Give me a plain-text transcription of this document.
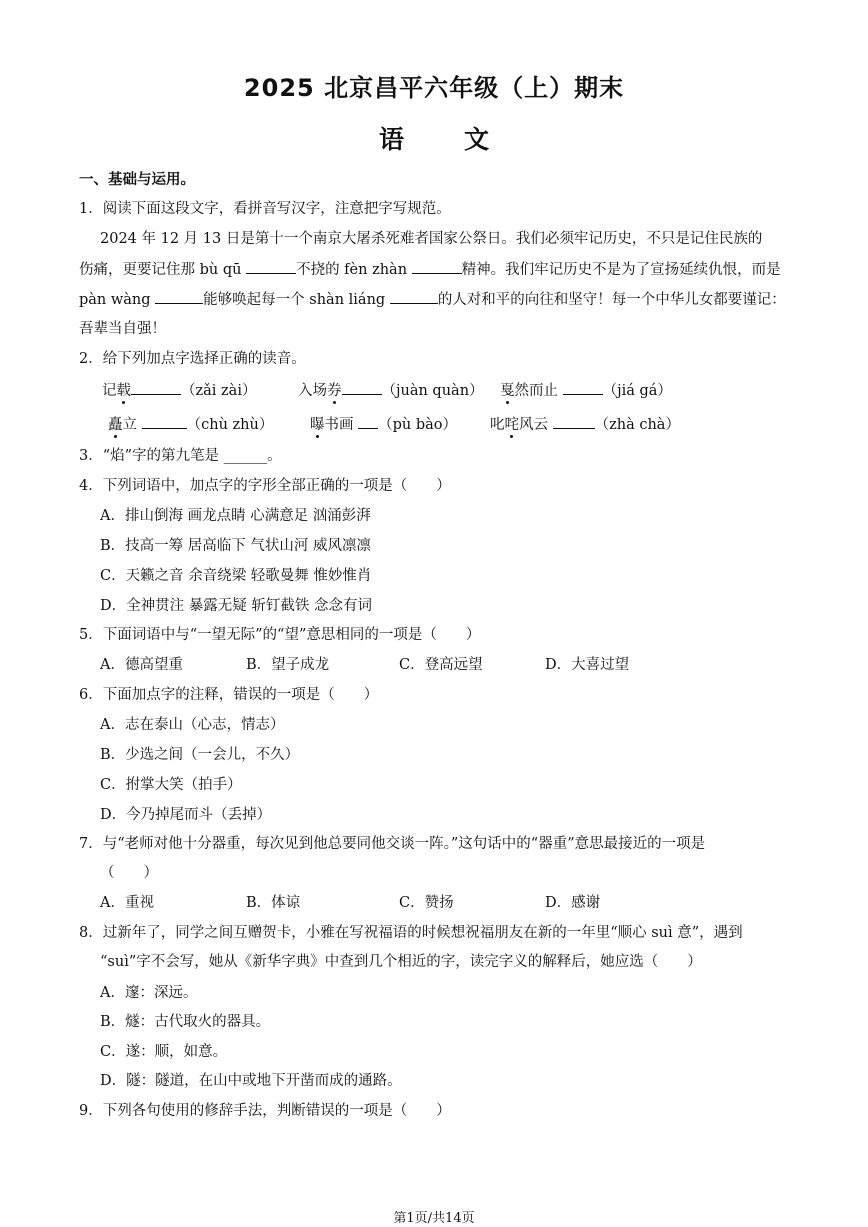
2025 北京昌平六年级（上）期末
语 文
一、基础与运用。
1．阅读下面这段文字，看拼音写汉字，注意把字写规范。
2024 年 12 月 13 日是第十一个南京大屠杀死难者国家公祭日。我们必须牢记历史，不只是记住民族的
伤痛，更要记住那 bù qū	不挠的 fèn zhàn	精神。我们牢记历史不是为了宣扬延续仇恨，而是
pàn wàng	能够唤起每一个 shàn liáng	的人对和平的向往和坚守！每一个中华儿女都要谨记：
吾辈当自强！
2．给下列加点字选择正确的读音。
记载	（zǎi zài）	入场券	（juàn quàn） 戛然而止	（jiá gá）
矗立	（chù zhù）	曝书画 （pù bào） 叱咤风云	（zhà chà）
3．“焰”字的第九笔是 ______。
4．下列词语中，加点字的字形全部正确的一项是（　　）
A．排山倒海 画龙点睛 心满意足 汹涌彭湃
B．技高一筹 居高临下 气状山河 威风凛凛
C．天籁之音 余音绕梁 轻歌曼舞 惟妙惟肖
D．全神贯注 暴露无疑 斩钉截铁 念念有词
5．下面词语中与“一望无际”的“望”意思相同的一项是（　　）
A．德高望重	B．望子成龙	C．登高远望	D．大喜过望
6．下面加点字的注释，错误的一项是（　　）
A．志在泰山（心志，情志）
B．少选之间（一会儿，不久）
C．拊掌大笑（拍手）
D．今乃掉尾而斗（丢掉）
7．与“老师对他十分器重，每次见到他总要同他交谈一阵。”这句话中的“器重”意思最接近的一项是
（　　）
A．重视	B．体谅	C．赞扬	D．感谢
8．过新年了，同学之间互赠贺卡，小雅在写祝福语的时候想祝福朋友在新的一年里“顺心 suì 意”，遇到
“suì”字不会写，她从《新华字典》中查到几个相近的字，读完字义的解释后，她应选（　　）
A．邃：深远。
B．燧：古代取火的器具。
C．遂：顺，如意。
D．隧：隧道，在山中或地下开凿而成的通路。
9．下列各句使用的修辞手法，判断错误的一项是（　　）
第1页/共14页
